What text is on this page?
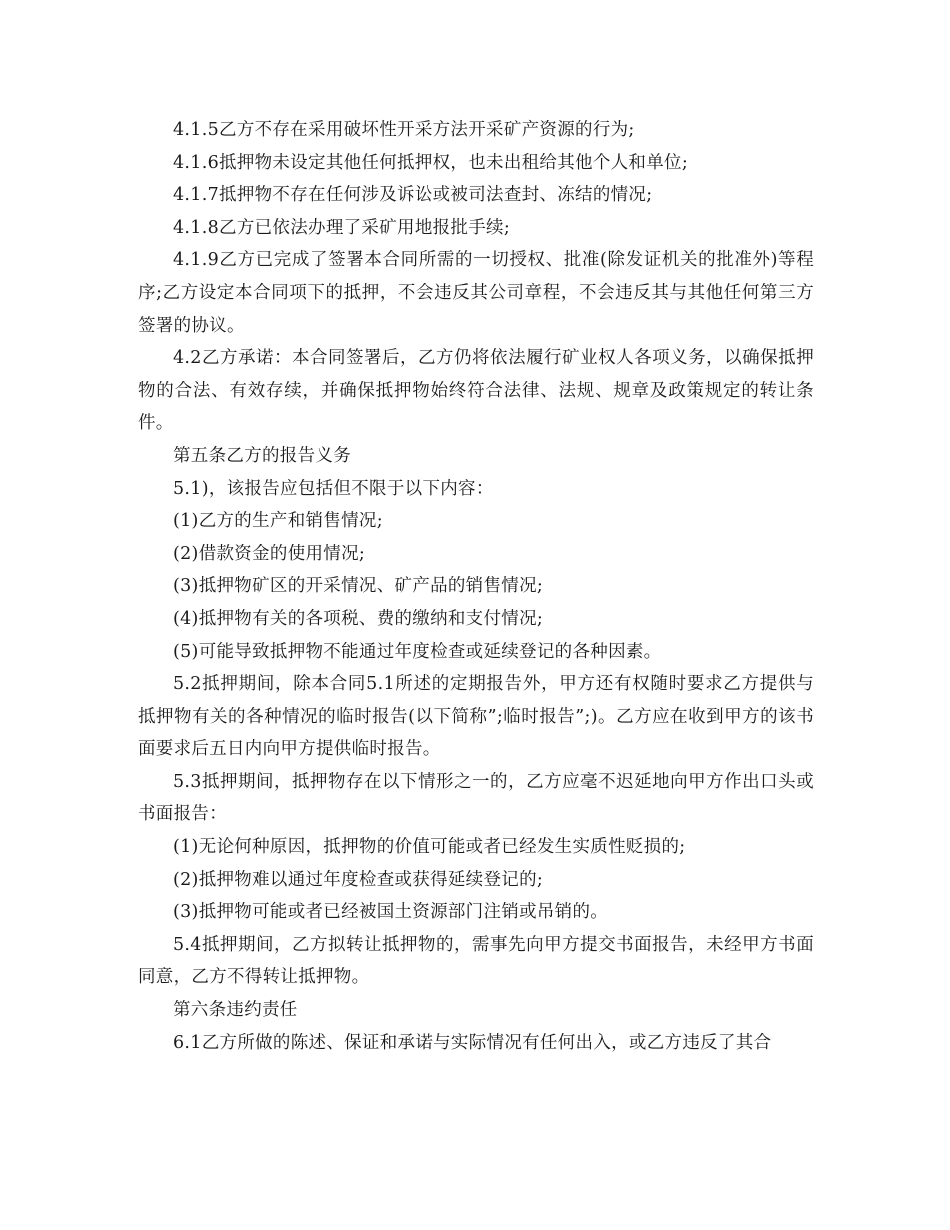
4.1.5乙方不存在采用破坏性开采方法开采矿产资源的行为;

4.1.6抵押物未设定其他任何抵押权，也未出租给其他个人和单位;

4.1.7抵押物不存在任何涉及诉讼或被司法查封、冻结的情况;

4.1.8乙方已依法办理了采矿用地报批手续;

4.1.9乙方已完成了签署本合同所需的一切授权、批准(除发证机关的批准外)等程序;乙方设定本合同项下的抵押，不会违反其公司章程，不会违反其与其他任何第三方签署的协议。

4.2乙方承诺：本合同签署后，乙方仍将依法履行矿业权人各项义务，以确保抵押物的合法、有效存续，并确保抵押物始终符合法律、法规、规章及政策规定的转让条件。

第五条乙方的报告义务

5.1)，该报告应包括但不限于以下内容：

(1)乙方的生产和销售情况;

(2)借款资金的使用情况;

(3)抵押物矿区的开采情况、矿产品的销售情况;

(4)抵押物有关的各项税、费的缴纳和支付情况;

(5)可能导致抵押物不能通过年度检查或延续登记的各种因素。

5.2抵押期间，除本合同5.1所述的定期报告外，甲方还有权随时要求乙方提供与抵押物有关的各种情况的临时报告(以下简称”;临时报告”;)。乙方应在收到甲方的该书面要求后五日内向甲方提供临时报告。

5.3抵押期间，抵押物存在以下情形之一的，乙方应毫不迟延地向甲方作出口头或书面报告：

(1)无论何种原因，抵押物的价值可能或者已经发生实质性贬损的;

(2)抵押物难以通过年度检查或获得延续登记的;

(3)抵押物可能或者已经被国土资源部门注销或吊销的。

5.4抵押期间，乙方拟转让抵押物的，需事先向甲方提交书面报告，未经甲方书面同意，乙方不得转让抵押物。

第六条违约责任

6.1乙方所做的陈述、保证和承诺与实际情况有任何出入，或乙方违反了其合
